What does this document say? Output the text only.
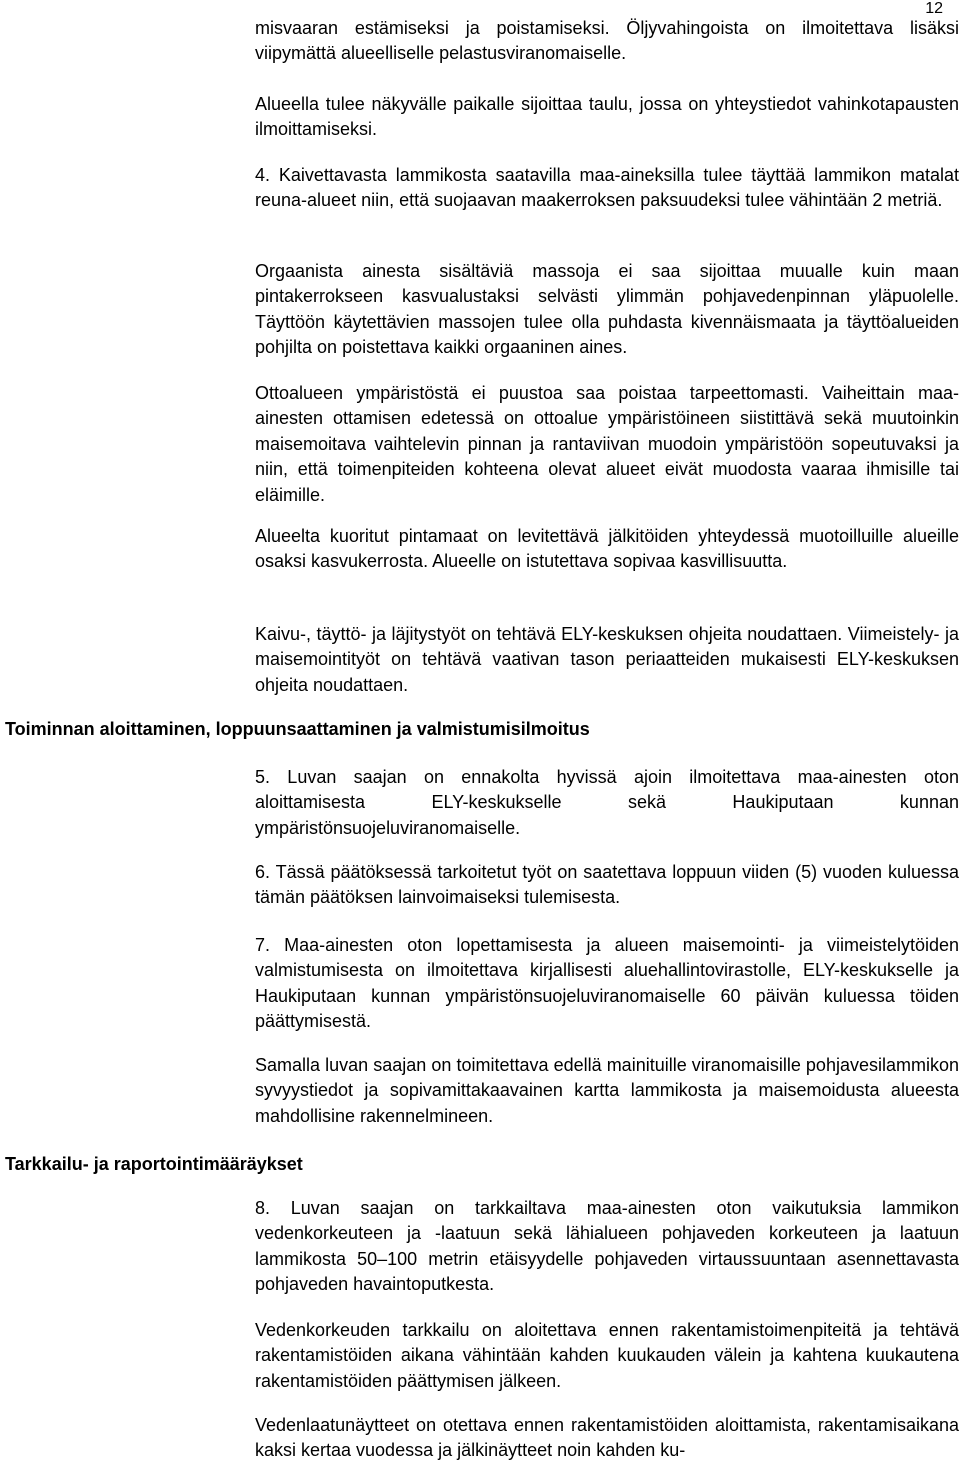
12

misvaaran estämiseksi ja poistamiseksi. Öljyvahingoista on ilmoitettava lisäksi viipymättä alueelliselle pelastusviranomaiselle.

Alueella tulee näkyvälle paikalle sijoittaa taulu, jossa on yhteystiedot vahinkotapausten ilmoittamiseksi.

4. Kaivettavasta lammikosta saatavilla maa-aineksilla tulee täyttää lammikon matalat reuna-alueet niin, että suojaavan maakerroksen paksuudeksi tulee vähintään 2 metriä.

Orgaanista ainesta sisältäviä massoja ei saa sijoittaa muualle kuin maan pintakerrokseen kasvualustaksi selvästi ylimmän pohjavedenpinnan yläpuolelle. Täyttöön käytettävien massojen tulee olla puhdasta kivennäismaata ja täyttöalueiden pohjilta on poistettava kaikki orgaaninen aines.

Ottoalueen ympäristöstä ei puustoa saa poistaa tarpeettomasti. Vaiheittain maa-ainesten ottamisen edetessä on ottoalue ympäristöineen siistittävä sekä muutoinkin maisemoitava vaihtelevin pinnan ja rantaviivan muodoin ympäristöön sopeutuvaksi ja niin, että toimenpiteiden kohteena olevat alueet eivät muodosta vaaraa ihmisille tai eläimille.

Alueelta kuoritut pintamaat on levitettävä jälkitöiden yhteydessä muotoilluille alueille osaksi kasvukerrosta. Alueelle on istutettava sopivaa kasvillisuutta.

Kaivu-, täyttö- ja läjitystyöt on tehtävä ELY-keskuksen ohjeita noudattaen. Viimeistely- ja maisemointityöt on tehtävä vaativan tason periaatteiden mukaisesti ELY-keskuksen ohjeita noudattaen.

Toiminnan aloittaminen, loppuunsaattaminen ja valmistumisilmoitus

5. Luvan saajan on ennakolta hyvissä ajoin ilmoitettava maa-ainesten oton aloittamisesta ELY-keskukselle sekä Haukiputaan kunnan ympäristönsuojeluviranomaiselle.

6. Tässä päätöksessä tarkoitetut työt on saatettava loppuun viiden (5) vuoden kuluessa tämän päätöksen lainvoimaiseksi tulemisesta.

7. Maa-ainesten oton lopettamisesta ja alueen maisemointi- ja viimeistelytöiden valmistumisesta on ilmoitettava kirjallisesti aluehallintovirastolle, ELY-keskukselle ja Haukiputaan kunnan ympäristönsuojeluviranomaiselle 60 päivän kuluessa töiden päättymisestä.

Samalla luvan saajan on toimitettava edellä mainituille viranomaisille pohjavesilammikon syvyystiedot ja sopivamittakaavainen kartta lammikosta ja maisemoidusta alueesta mahdollisine rakennelmineen.

Tarkkailu- ja raportointimääräykset

8. Luvan saajan on tarkkailtava maa-ainesten oton vaikutuksia lammikon vedenkorkeuteen ja -laatuun sekä lähialueen pohjaveden korkeuteen ja laatuun lammikosta 50–100 metrin etäisyydelle pohjaveden virtaussuuntaan asennettavasta pohjaveden havaintoputkesta.

Vedenkorkeuden tarkkailu on aloitettava ennen rakentamistoimenpiteitä ja tehtävä rakentamistöiden aikana vähintään kahden kuukauden välein ja kahtena kuukautena rakentamistöiden päättymisen jälkeen.

Vedenlaatunäytteet on otettava ennen rakentamistöiden aloittamista, rakentamisaikana kaksi kertaa vuodessa ja jälkinäytteet noin kahden ku-
